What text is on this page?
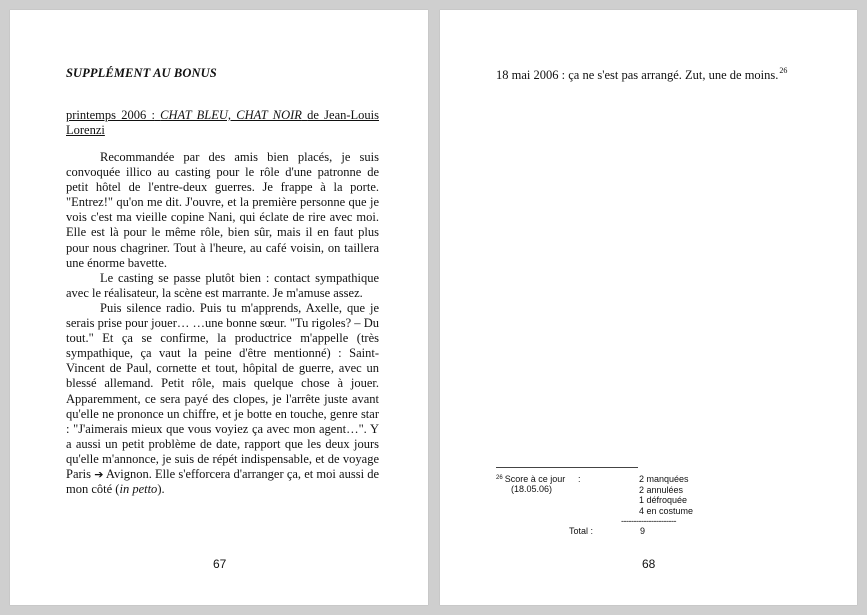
SUPPLÉMENT AU BONUS
printemps 2006 : CHAT BLEU, CHAT NOIR de Jean-Louis Lorenzi

Recommandée par des amis bien placés, je suis convoquée illico au casting pour le rôle d'une patronne de petit hôtel de l'entre-deux guerres. Je frappe à la porte. "Entrez!" qu'on me dit. J'ouvre, et la première personne que je vois c'est ma vieille copine Nani, qui éclate de rire avec moi. Elle est là pour le même rôle, bien sûr, mais il en faut plus pour nous chagriner. Tout à l'heure, au café voisin, on taillera une énorme bavette.

Le casting se passe plutôt bien : contact sympathique avec le réalisateur, la scène est marrante. Je m'amuse assez.

Puis silence radio. Puis tu m'apprends, Axelle, que je serais prise pour jouer… …une bonne sœur. "Tu rigoles? – Du tout." Et ça se confirme, la productrice m'appelle (très sympathique, ça vaut la peine d'être mentionné) : Saint-Vincent de Paul, cornette et tout, hôpital de guerre, avec un blessé allemand. Petit rôle, mais quelque chose à jouer. Apparemment, ce sera payé des clopes, je l'arrête juste avant qu'elle ne prononce un chiffre, et je botte en touche, genre star : "J'aimerais mieux que vous voyiez ça avec mon agent…". Y a aussi un petit problème de date, rapport que les deux jours qu'elle m'annonce, je suis de répét indispensable, et de voyage Paris ➔ Avignon. Elle s'efforcera d'arranger ça, et moi aussi de mon côté (in petto).

67
18 mai 2006 : ça ne s'est pas arrangé. Zut, une de moins.$^{26}$
$^{26}$ Score à ce jour
(18.05.06)
:	2 manquées
2 annulées
1 défroquée
4 en costume
----------------------
Total :	9
68
